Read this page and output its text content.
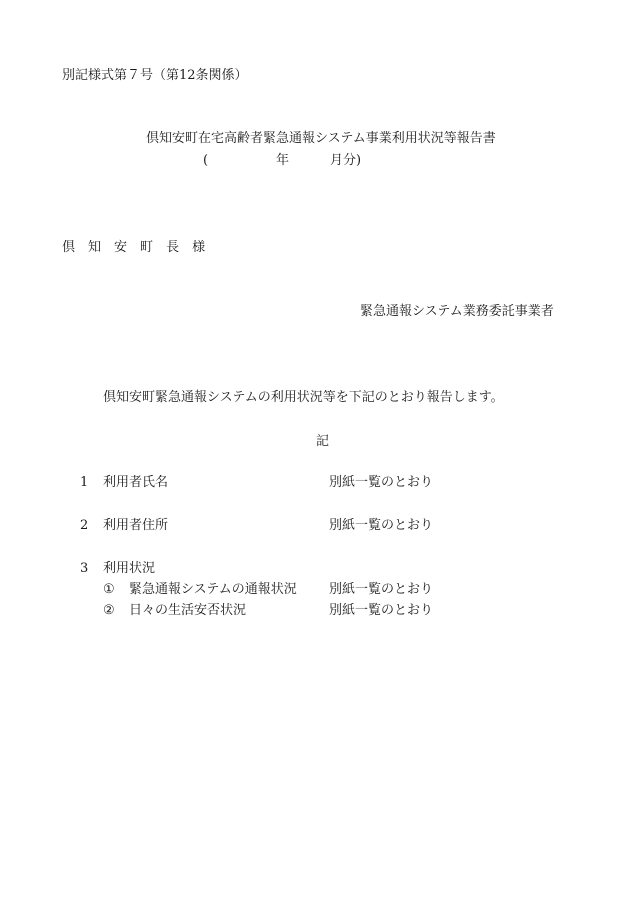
別記様式第７号（第12条関係）
倶知安町在宅高齢者緊急通報システム事業利用状況等報告書
(	年	月分)
倶 知 安 町 長 様
緊急通報システム業務委託事業者
倶知安町緊急通報システムの利用状況等を下記のとおり報告します。
記
1 利用者氏名	別紙一覧のとおり
2 利用者住所	別紙一覧のとおり
3 利用状況
① 緊急通報システムの通報状況 別紙一覧のとおり
② 日々の生活安否状況	別紙一覧のとおり
